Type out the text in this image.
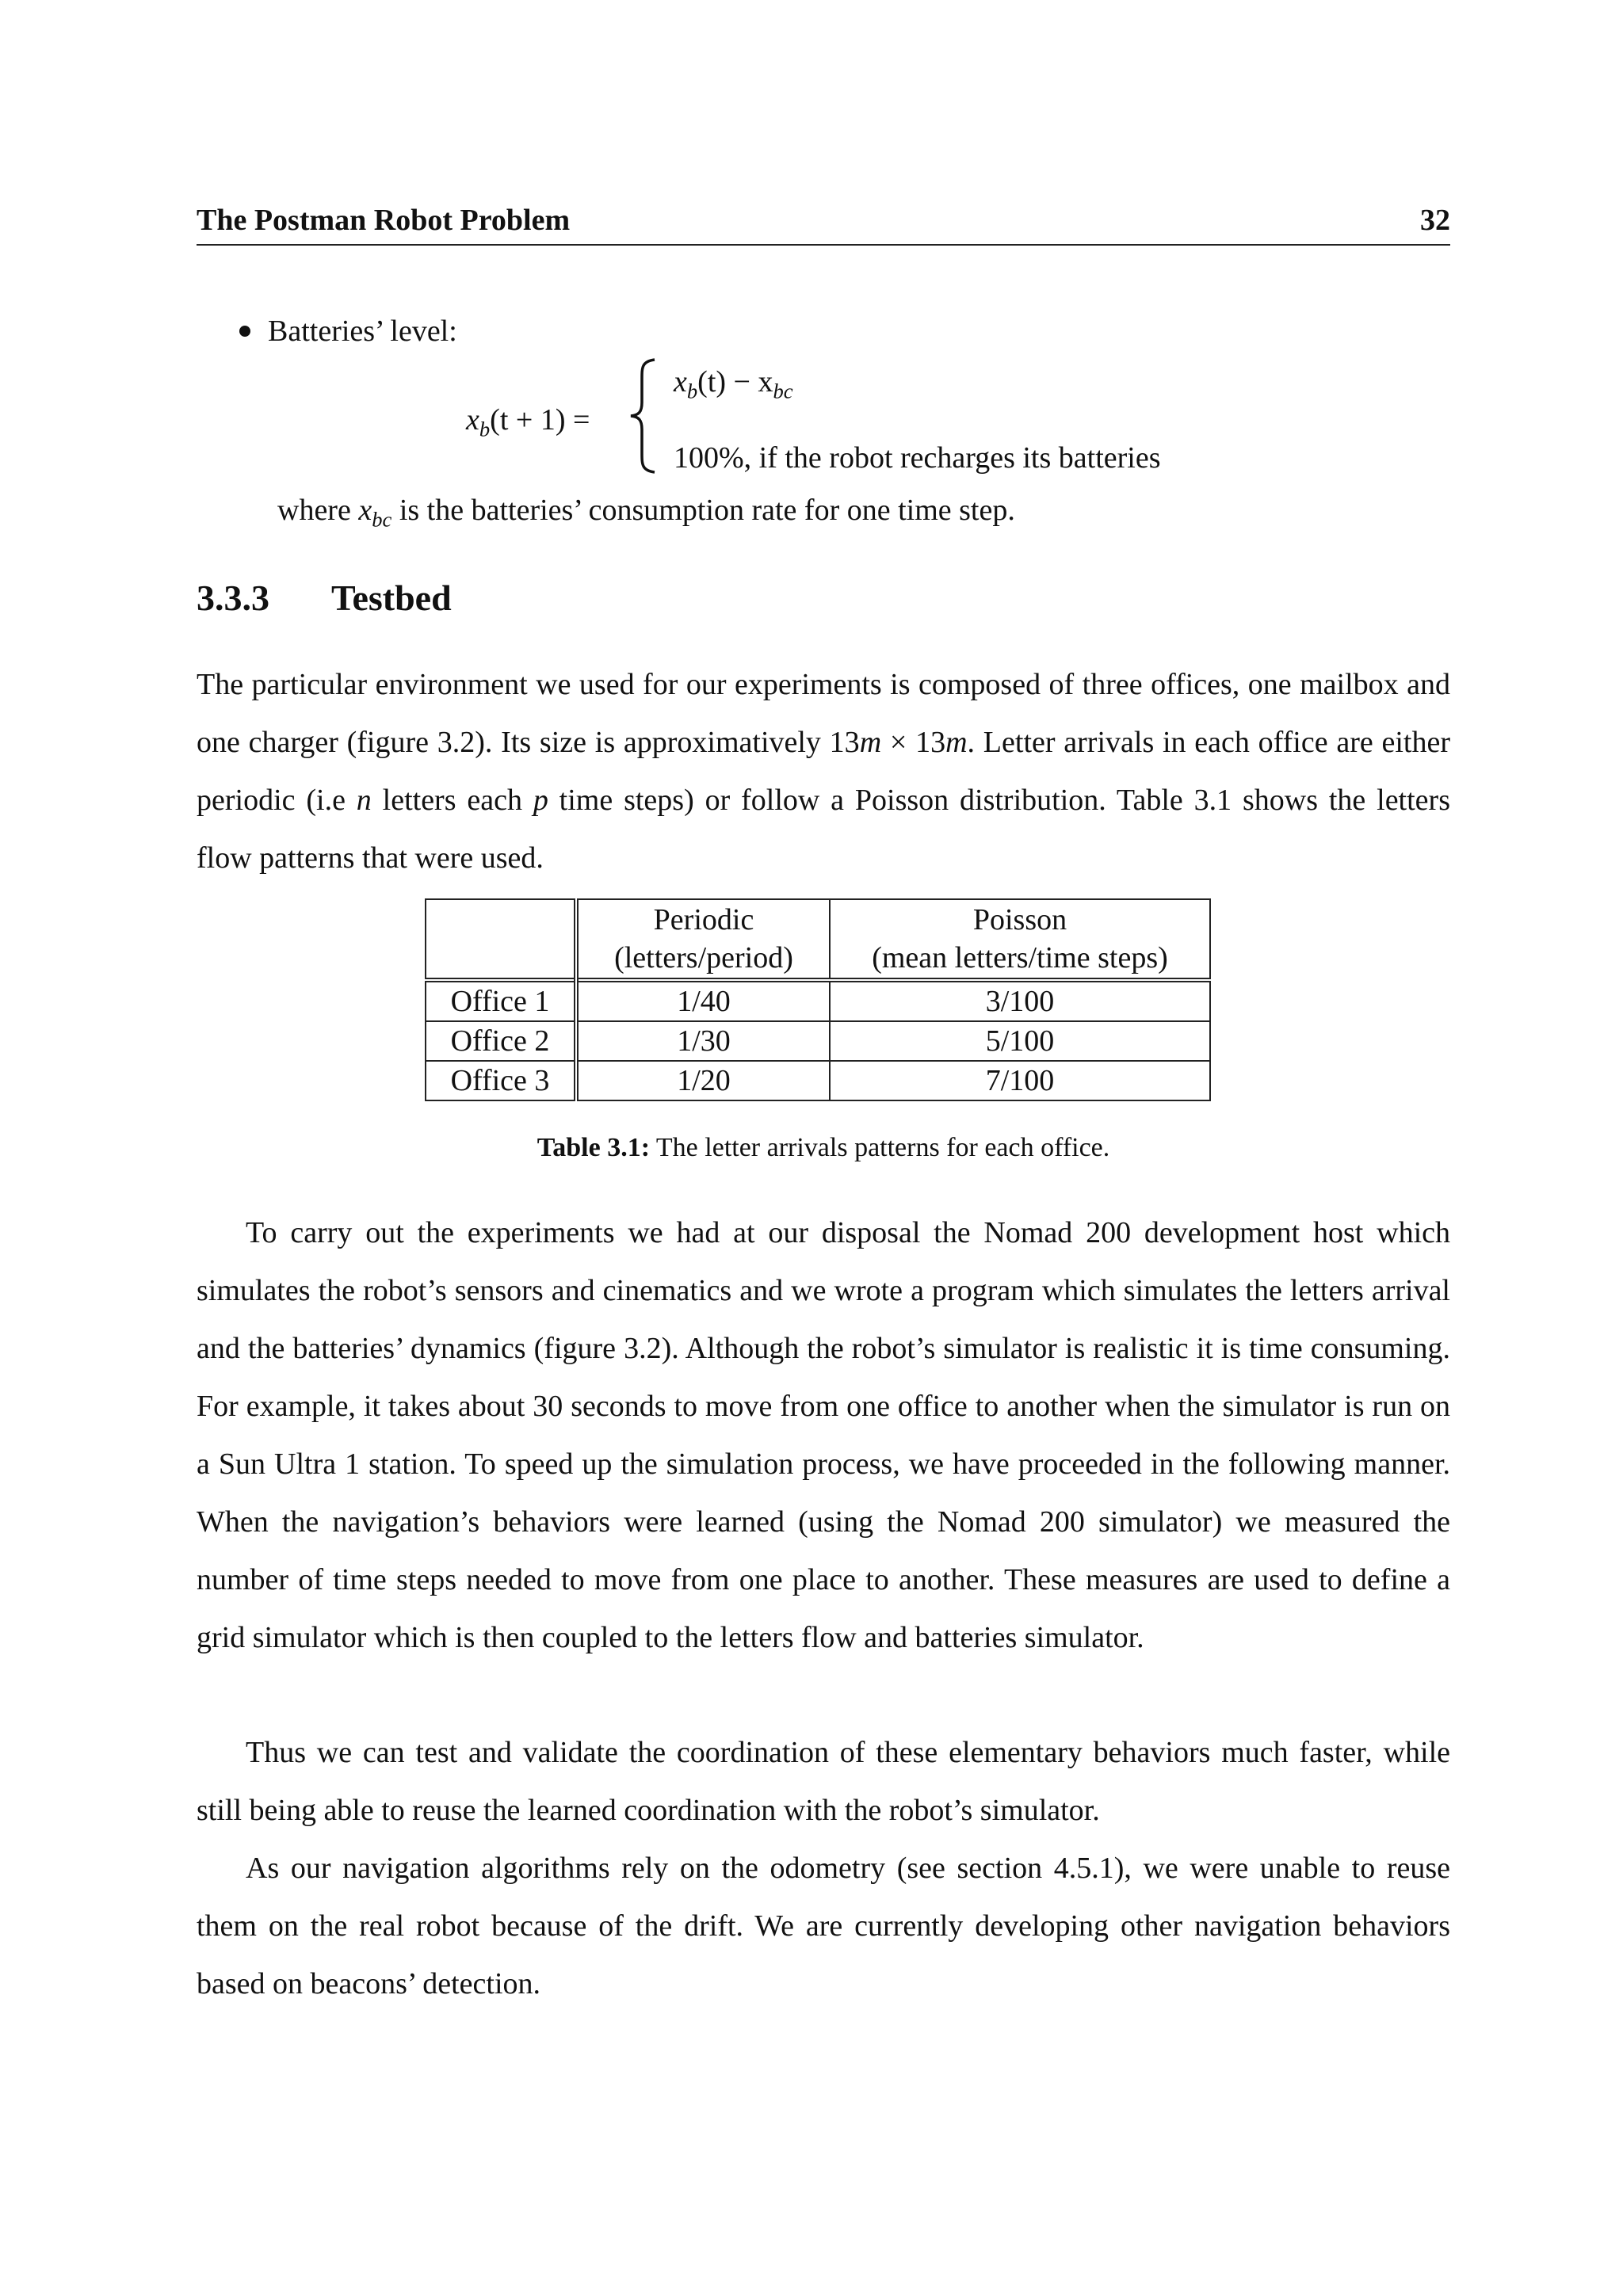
The Postman Robot Problem	32
Batteries’ level:
$x_b(t + 1)$ =
$x_b(t) - x_{bc}$
100%, if the robot recharges its batteries
where $x_{bc}$ is the batteries’ consumption rate for one time step.
3.3.3 Testbed

The particular environment we used for our experiments is composed of three offices, one mailbox and one charger (figure 3.2). Its size is approximatively 13m × 13m. Letter arrivals in each office are either periodic (i.e n letters each p time steps) or follow a Poisson distribution. Table 3.1 shows the letters flow patterns that were used.

	Periodic
(letters/period)	Poisson
(mean letters/time steps)
Office 1	1/40	3/100
Office 2	1/30	5/100
Office 3	1/20	7/100
Table 3.1: The letter arrivals patterns for each office.

To carry out the experiments we had at our disposal the Nomad 200 development host which simulates the robot’s sensors and cinematics and we wrote a program which simulates the letters arrival and the batteries’ dynamics (figure 3.2). Although the robot’s simulator is realistic it is time consuming. For example, it takes about 30 seconds to move from one office to another when the simulator is run on a Sun Ultra 1 station. To speed up the simulation process, we have proceeded in the following manner. When the navigation’s behaviors were learned (using the Nomad 200 simulator) we measured the number of time steps needed to move from one place to another. These measures are used to define a grid simulator which is then coupled to the letters flow and batteries simulator.

Thus we can test and validate the coordination of these elementary behaviors much faster, while still being able to reuse the learned coordination with the robot’s simulator.

As our navigation algorithms rely on the odometry (see section 4.5.1), we were unable to reuse them on the real robot because of the drift. We are currently developing other navigation behaviors based on beacons’ detection.
